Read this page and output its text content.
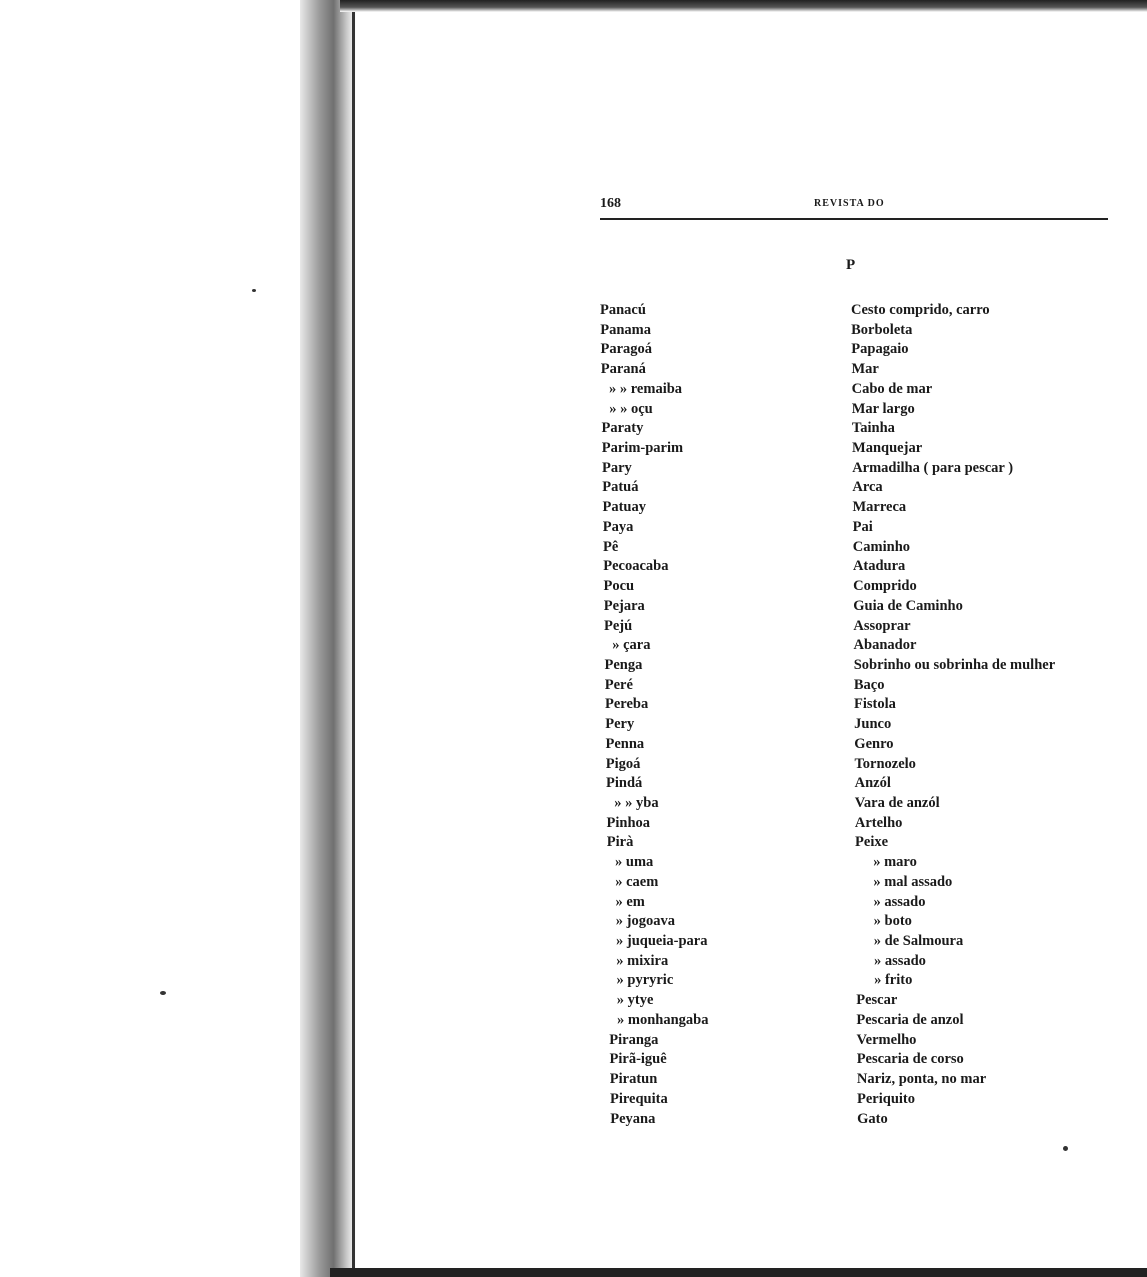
168	REVISTA DO
P
Panacú	Cesto comprido, carro
Panama	Borboleta
Paragoá	Papagaio
Paraná	Mar
» » remaiba	Cabo de mar
» » oçu	Mar largo
Paraty	Tainha
Parim-parim	Manquejar
Pary	Armadilha ( para pescar )
Patuá	Arca
Patuay	Marreca
Paya	Pai
Pê	Caminho
Pecoacaba	Atadura
Pocu	Comprido
Pejara	Guia de Caminho
Pejú	Assoprar
» çara	Abanador
Penga	Sobrinho ou sobrinha de mulher
Peré	Baço
Pereba	Fistola
Pery	Junco
Penna	Genro
Pigoá	Tornozelo
Pindá	Anzól
» » yba	Vara de anzól
Pinhoa	Artelho
Pirà	Peixe
» uma	» maro
» caem	» mal assado
» em	» assado
» jogoava	» boto
» juqueia-para	» de Salmoura
» mixira	» assado
» pyryric	» frito
» ytye	Pescar
» monhangaba	Pescaria de anzol
Piranga	Vermelho
Pirã-iguê	Pescaria de corso
Piratun	Nariz, ponta, no mar
Pirequita	Periquito
Peyana	Gato
